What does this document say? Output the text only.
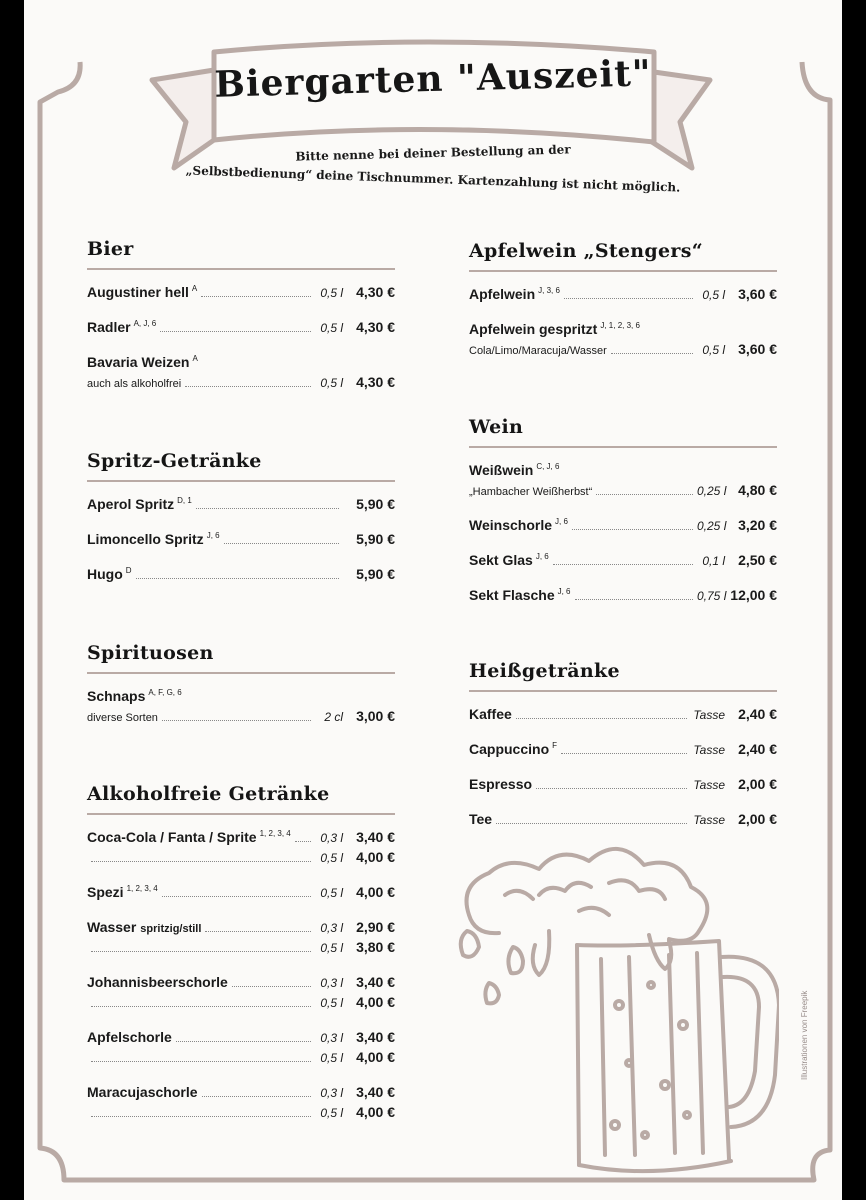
Biergarten "Auszeit"
Bitte nenne bei deiner Bestellung an der
„Selbstbedienung“ deine Tischnummer. Kartenzahlung ist nicht möglich.
Bier
Augustiner hell $^A$	0,5 l 4,30 €
Radler $^{A, J, 6}$	0,5 l 4,30 €
Bavaria Weizen $^A$
auch als alkoholfrei	0,5 l 4,30 €
Spritz-Getränke
Aperol Spritz $^{D, 1}$	5,90 €
Limoncello Spritz $^{J, 6}$	5,90 €
Hugo $^D$	5,90 €
Spirituosen
Schnaps $^{A, F, G, 6}$
diverse Sorten	2 cl 3,00 €
Alkoholfreie Getränke
Coca-Cola / Fanta / Sprite $^{1, 2, 3, 4}$	0,3 l 3,40 €
0,5 l 4,00 €
Spezi $^{1, 2, 3, 4}$	0,5 l 4,00 €
Wasser spritzig/still	0,3 l 2,90 €
0,5 l 3,80 €
Johannisbeerschorle	0,3 l 3,40 €
0,5 l 4,00 €
Apfelschorle	0,3 l 3,40 €
0,5 l 4,00 €
Maracujaschorle	0,3 l 3,40 €
0,5 l 4,00 €
Apfelwein „Stengers“
Apfelwein $^{J, 3, 6}$	0,5 l 3,60 €
Apfelwein gespritzt $^{J, 1, 2, 3, 6}$
Cola/Limo/Maracuja/Wasser	0,5 l 3,60 €
Wein
Weißwein $^{C, J, 6}$
„Hambacher Weißherbst“	0,25 l 4,80 €
Weinschorle $^{J, 6}$	0,25 l 3,20 €
Sekt Glas $^{J, 6}$	0,1 l 2,50 €
Sekt Flasche $^{J, 6}$	0,75 l 12,00 €
Heißgetränke
Kaffee	Tasse 2,40 €
Cappuccino $^F$	Tasse 2,40 €
Espresso	Tasse 2,00 €
Tee	Tasse 2,00 €
Illustrationen von Freepik
